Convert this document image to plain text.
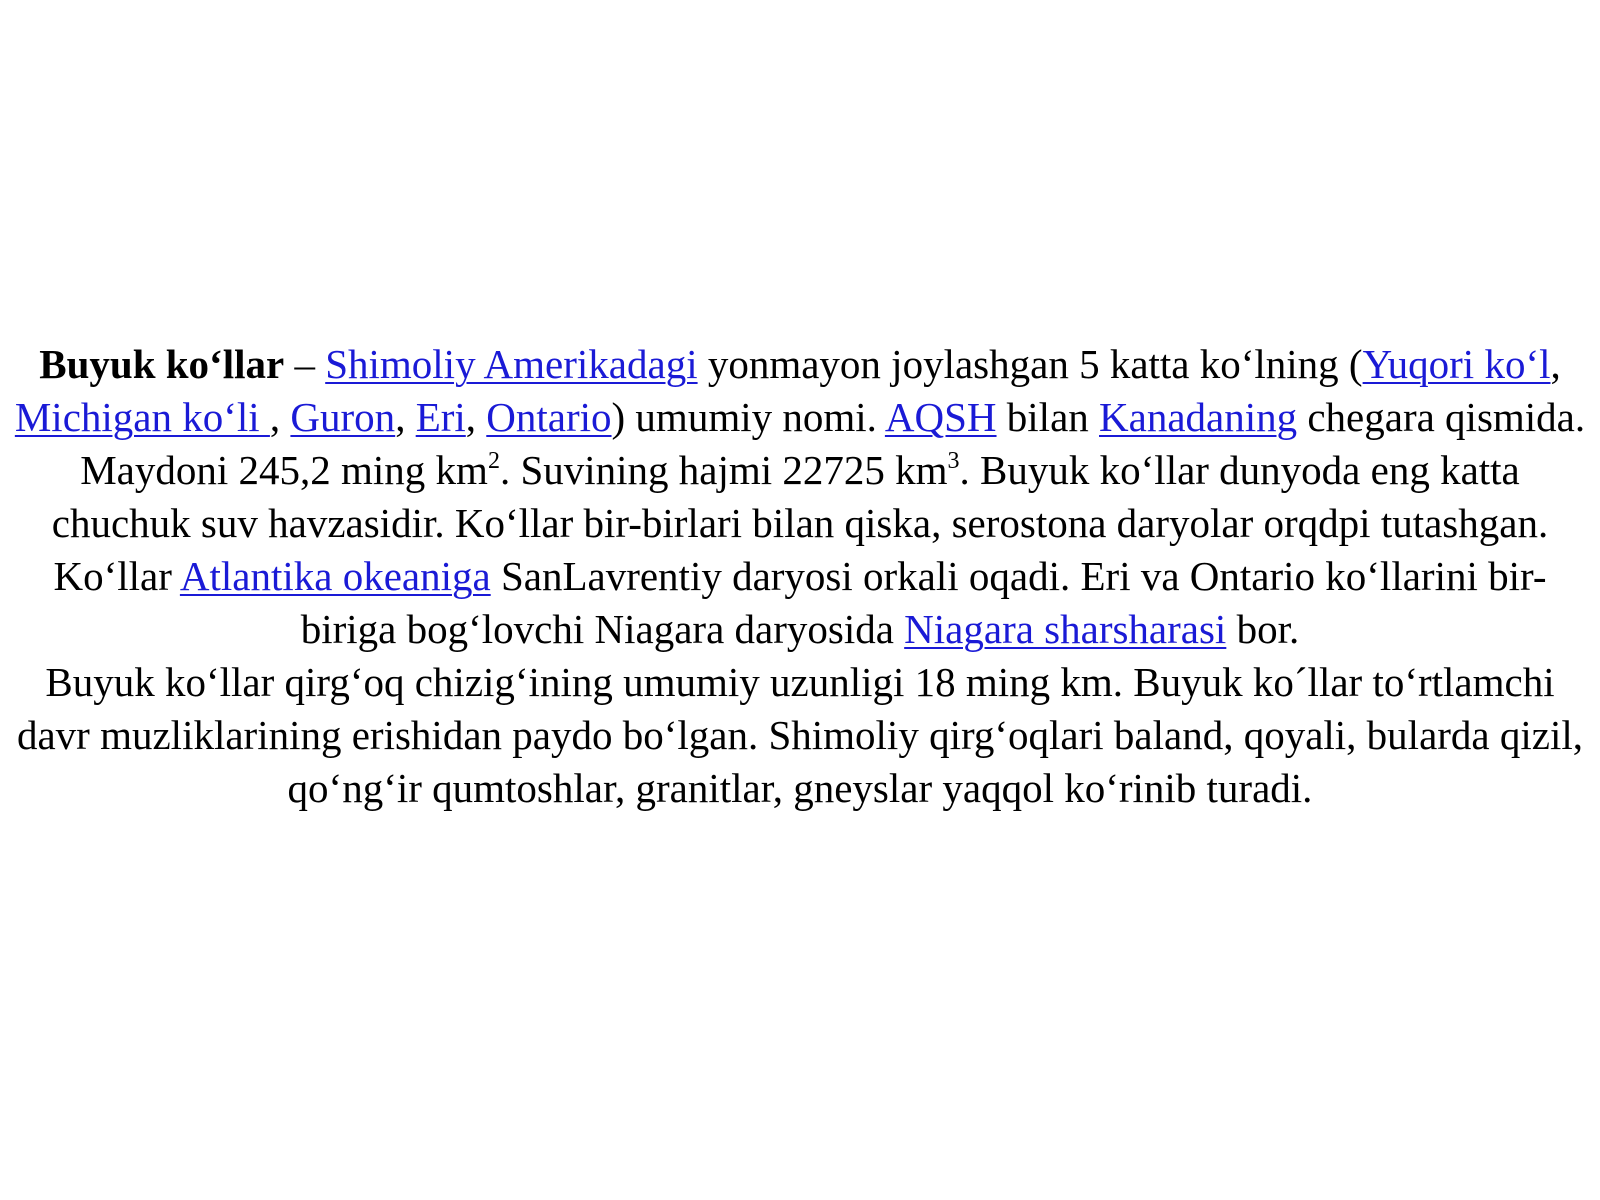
Buyuk ko‘llar – Shimoliy Amerikadagi yonmayon joylashgan 5 katta ko‘lning (Yuqori ko‘l, Michigan ko‘li , Guron, Eri, Ontario) umumiy nomi. AQSH bilan Kanadaning chegara qismida. Maydoni 245,2 ming $km^2$. Suvining hajmi 22725 $km^3$. Buyuk ko‘llar dunyoda eng katta chuchuk suv havzasidir. Ko‘llar bir-birlari bilan qiska, serostona daryolar orqdpi tutashgan. Ko‘llar Atlantika okeaniga SanLavrentiy daryosi orkali oqadi. Eri va Ontario ko‘llarini bir-biriga bog‘lovchi Niagara daryosida Niagara sharsharasi bor.

Buyuk ko‘llar qirg‘oq chizig‘ining umumiy uzunligi 18 ming km. Buyuk ko´llar to‘rtlamchi davr muzliklarining erishidan paydo bo‘lgan. Shimoliy qirg‘oqlari baland, qoyali, bularda qizil, qo‘ng‘ir qumtoshlar, granitlar, gneyslar yaqqol ko‘rinib turadi.
